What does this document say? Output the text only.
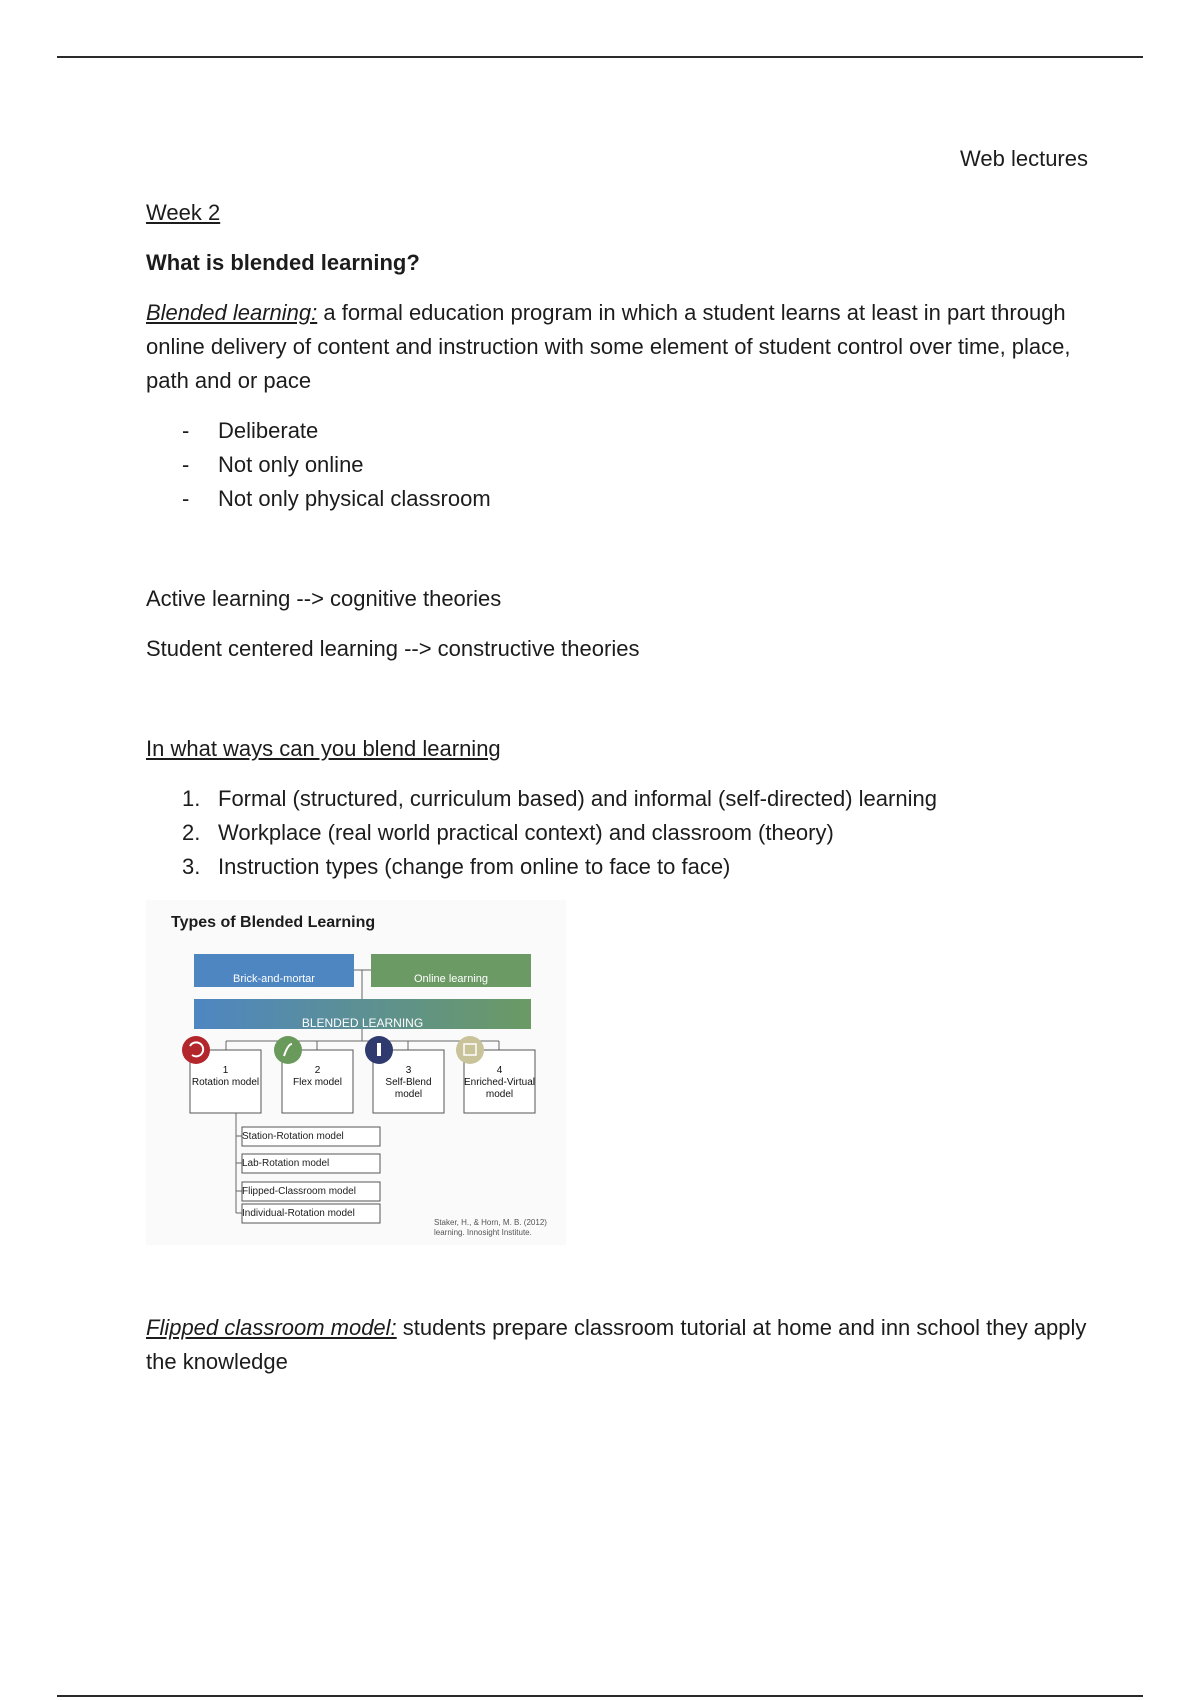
Web lectures

Week 2

What is blended learning?

Blended learning: a formal education program in which a student learns at least in part through online delivery of content and instruction with some element of student control over time, place, path and or pace

- Deliberate
- Not only online
- Not only physical classroom

Active learning --> cognitive theories

Student centered learning --> constructive theories

In what ways can you blend learning

1. Formal (structured, curriculum based) and informal (self-directed) learning
2. Workplace (real world practical context) and classroom (theory)
3. Instruction types (change from online to face to face)
Types of Blended Learning
Brick-and-mortar	Online learning
BLENDED LEARNING
1
Rotation model
2
Flex model
3
Self-Blend model
4
Enriched-Virtual model
Station-Rotation model
Lab-Rotation model
Flipped-Classroom model
Individual-Rotation model
Staker, H., & Horn, M. B. (2012)
learning. Innosight Institute.

Flipped classroom model: students prepare classroom tutorial at home and inn school they apply the knowledge
